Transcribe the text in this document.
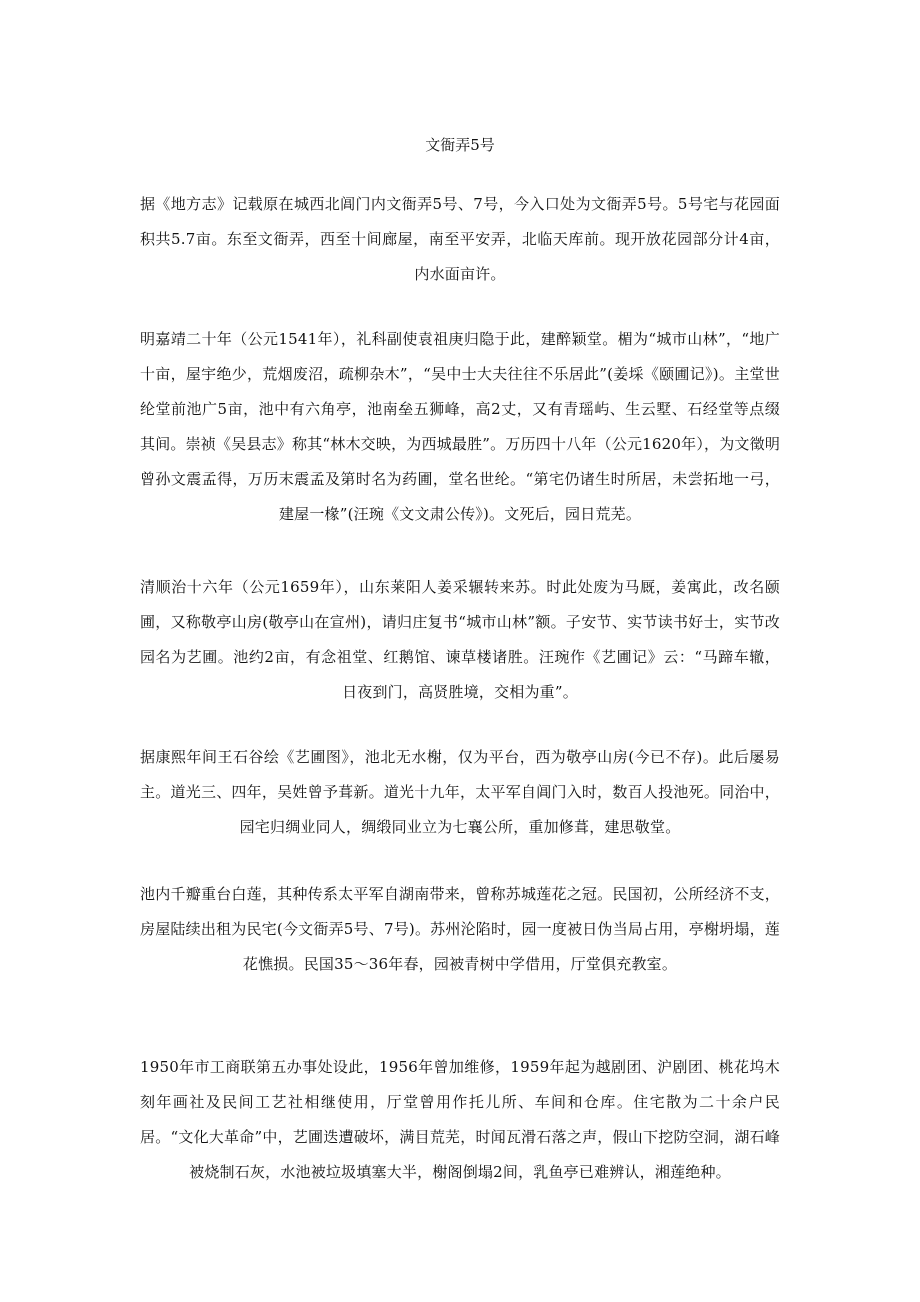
文衙弄5号
据《地方志》记载原在城西北阊门内文衙弄5号、7号，今入口处为文衙弄5号。5号宅与花园面积共5.7亩。东至文衙弄，西至十间廊屋，南至平安弄，北临天库前。现开放花园部分计4亩，内水面亩许。
明嘉靖二十年（公元1541年），礼科副使袁祖庚归隐于此，建醉颖堂。楣为“城市山林”，“地广十亩，屋宇绝少，荒烟废沼，疏柳杂木”，“吴中士大夫往往不乐居此”(姜埰《颐圃记》)。主堂世纶堂前池广5亩，池中有六角亭，池南垒五狮峰，高2丈，又有青瑶屿、生云墅、石经堂等点缀其间。崇祯《吴县志》称其“林木交映，为西城最胜”。万历四十八年（公元1620年），为文徵明曾孙文震孟得，万历末震孟及第时名为药圃，堂名世纶。“第宅仍诸生时所居，未尝拓地一弓，建屋一椽”(汪琬《文文肃公传》)。文死后，园日荒芜。
清顺治十六年（公元1659年），山东莱阳人姜采辗转来苏。时此处废为马厩，姜寓此，改名颐圃，又称敬亭山房(敬亭山在宣州)，请归庄复书“城市山林”额。子安节、实节读书好士，实节改园名为艺圃。池约2亩，有念祖堂、红鹅馆、谏草楼诸胜。汪琬作《艺圃记》云：“马蹄车辙，日夜到门，高贤胜境，交相为重”。
据康熙年间王石谷绘《艺圃图》，池北无水榭，仅为平台，西为敬亭山房(今已不存)。此后屡易主。道光三、四年，吴姓曾予葺新。道光十九年，太平军自阊门入时，数百人投池死。同治中，园宅归绸业同人，绸缎同业立为七襄公所，重加修葺，建思敬堂。
池内千瓣重台白莲，其种传系太平军自湖南带来，曾称苏城莲花之冠。民国初，公所经济不支，房屋陆续出租为民宅(今文衙弄5号、7号)。苏州沦陷时，园一度被日伪当局占用，亭榭坍塌，莲花憔损。民国35～36年春，园被青树中学借用，厅堂俱充教室。
1950年市工商联第五办事处设此，1956年曾加维修，1959年起为越剧团、沪剧团、桃花坞木刻年画社及民间工艺社相继使用，厅堂曾用作托儿所、车间和仓库。住宅散为二十余户民居。“文化大革命”中，艺圃迭遭破坏，满目荒芜，时闻瓦滑石落之声，假山下挖防空洞，湖石峰被烧制石灰，水池被垃圾填塞大半，榭阁倒塌2间，乳鱼亭已难辨认，湘莲绝种。
